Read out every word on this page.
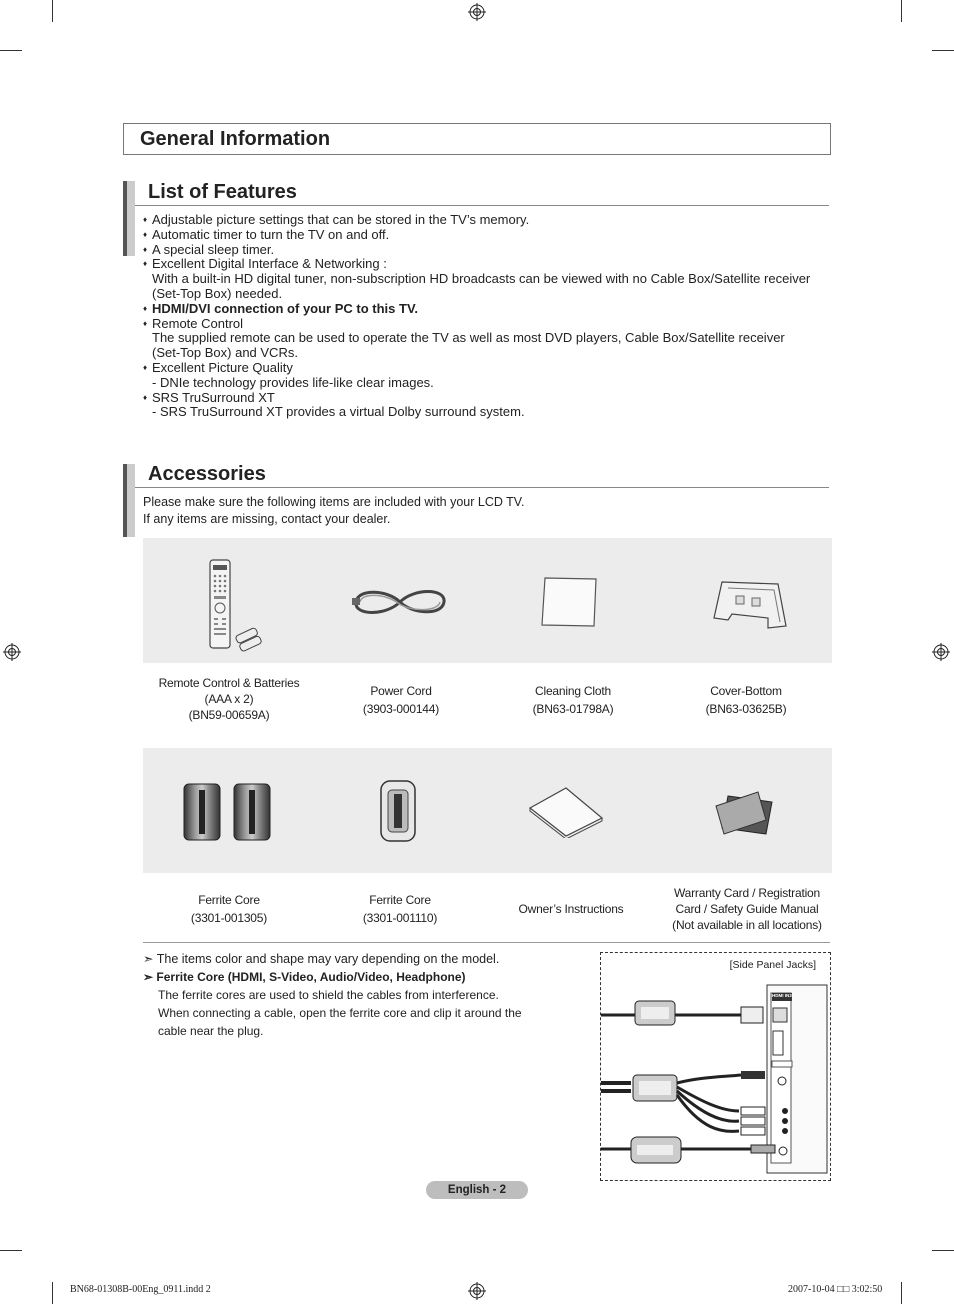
General Information
List of Features
♦ Adjustable picture settings that can be stored in the TV’s memory.
♦ Automatic timer to turn the TV on and off.
♦ A special sleep timer.
♦ Excellent Digital Interface & Networking :
With a built-in HD digital tuner, non-subscription HD broadcasts can be viewed with no Cable Box/Satellite receiver
(Set-Top Box) needed.
♦ HDMI/DVI connection of your PC to this TV.
♦ Remote Control
The supplied remote can be used to operate the TV as well as most DVD players, Cable Box/Satellite receiver
(Set-Top Box) and VCRs.
♦ Excellent Picture Quality
- DNIe technology provides life-like clear images.
♦ SRS TruSurround XT
- SRS TruSurround XT provides a virtual Dolby surround system.
Accessories
Please make sure the following items are included with your LCD TV.
If any items are missing, contact your dealer.
Remote Control & Batteries
(AAA x 2)
(BN59-00659A)
Power Cord
(3903-000144)
Cleaning Cloth
(BN63-01798A)
Cover-Bottom
(BN63-03625B)
Ferrite Core
(3301-001305)
Ferrite Core
(3301-001110)
Owner’s Instructions
Warranty Card / Registration
Card / Safety Guide Manual
(Not available in all locations)
➣ The items color and shape may vary depending on the model.
➣ Ferrite Core (HDMI, S-Video, Audio/Video, Headphone)
The ferrite cores are used to shield the cables from interference.
When connecting a cable, open the ferrite core and clip it around the
cable near the plug.
[Side Panel Jacks]
HDMI IN3
English - 2
BN68-01308B-00Eng_0911.indd 2	2007-10-04 □□ 3:02:50
